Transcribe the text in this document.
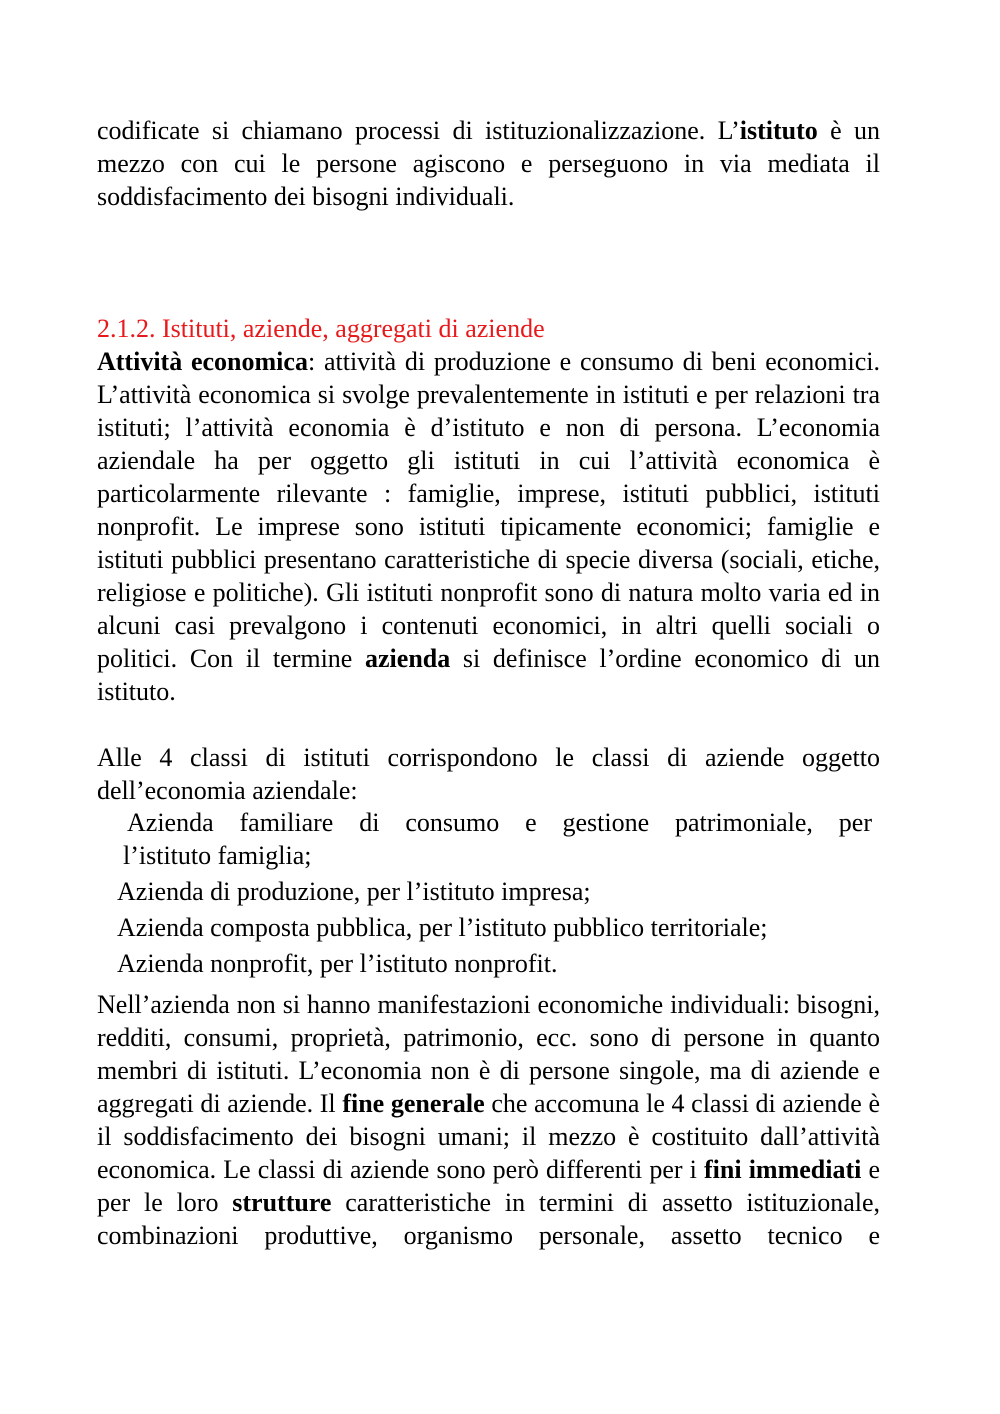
codificate si chiamano processi di istituzionalizzazione. L’istituto è un mezzo con cui le persone agiscono e perseguono in via mediata il soddisfacimento dei bisogni individuali.

2.1.2. Istituti, aziende, aggregati di aziende

Attività economica: attività di produzione e consumo di beni economici. L’attività economica si svolge prevalentemente in istituti e per relazioni tra istituti; l’attività economia è d’istituto e non di persona. L’economia aziendale ha per oggetto gli istituti in cui l’attività economica è particolarmente rilevante : famiglie, imprese, istituti pubblici, istituti nonprofit. Le imprese sono istituti tipicamente economici; famiglie e istituti pubblici presentano caratteristiche di specie diversa (sociali, etiche, religiose e politiche). Gli istituti nonprofit sono di natura molto varia ed in alcuni casi prevalgono i contenuti economici, in altri quelli sociali o politici. Con il termine azienda si definisce l’ordine economico di un istituto.

Alle 4 classi di istituti corrispondono le classi di aziende oggetto dell’economia aziendale:

Azienda familiare di consumo e gestione patrimoniale, per
l’istituto famiglia;
Azienda di produzione, per l’istituto impresa;
Azienda composta pubblica, per l’istituto pubblico territoriale;
Azienda nonprofit, per l’istituto nonprofit.

Nell’azienda non si hanno manifestazioni economiche individuali: bisogni, redditi, consumi, proprietà, patrimonio, ecc. sono di persone in quanto membri di istituti. L’economia non è di persone singole, ma di aziende e aggregati di aziende. Il fine generale che accomuna le 4 classi di aziende è il soddisfacimento dei bisogni umani; il mezzo è costituito dall’attività economica. Le classi di aziende sono però differenti per i fini immediati e per le loro strutture caratteristiche in termini di assetto istituzionale, combinazioni produttive, organismo personale, assetto tecnico e
